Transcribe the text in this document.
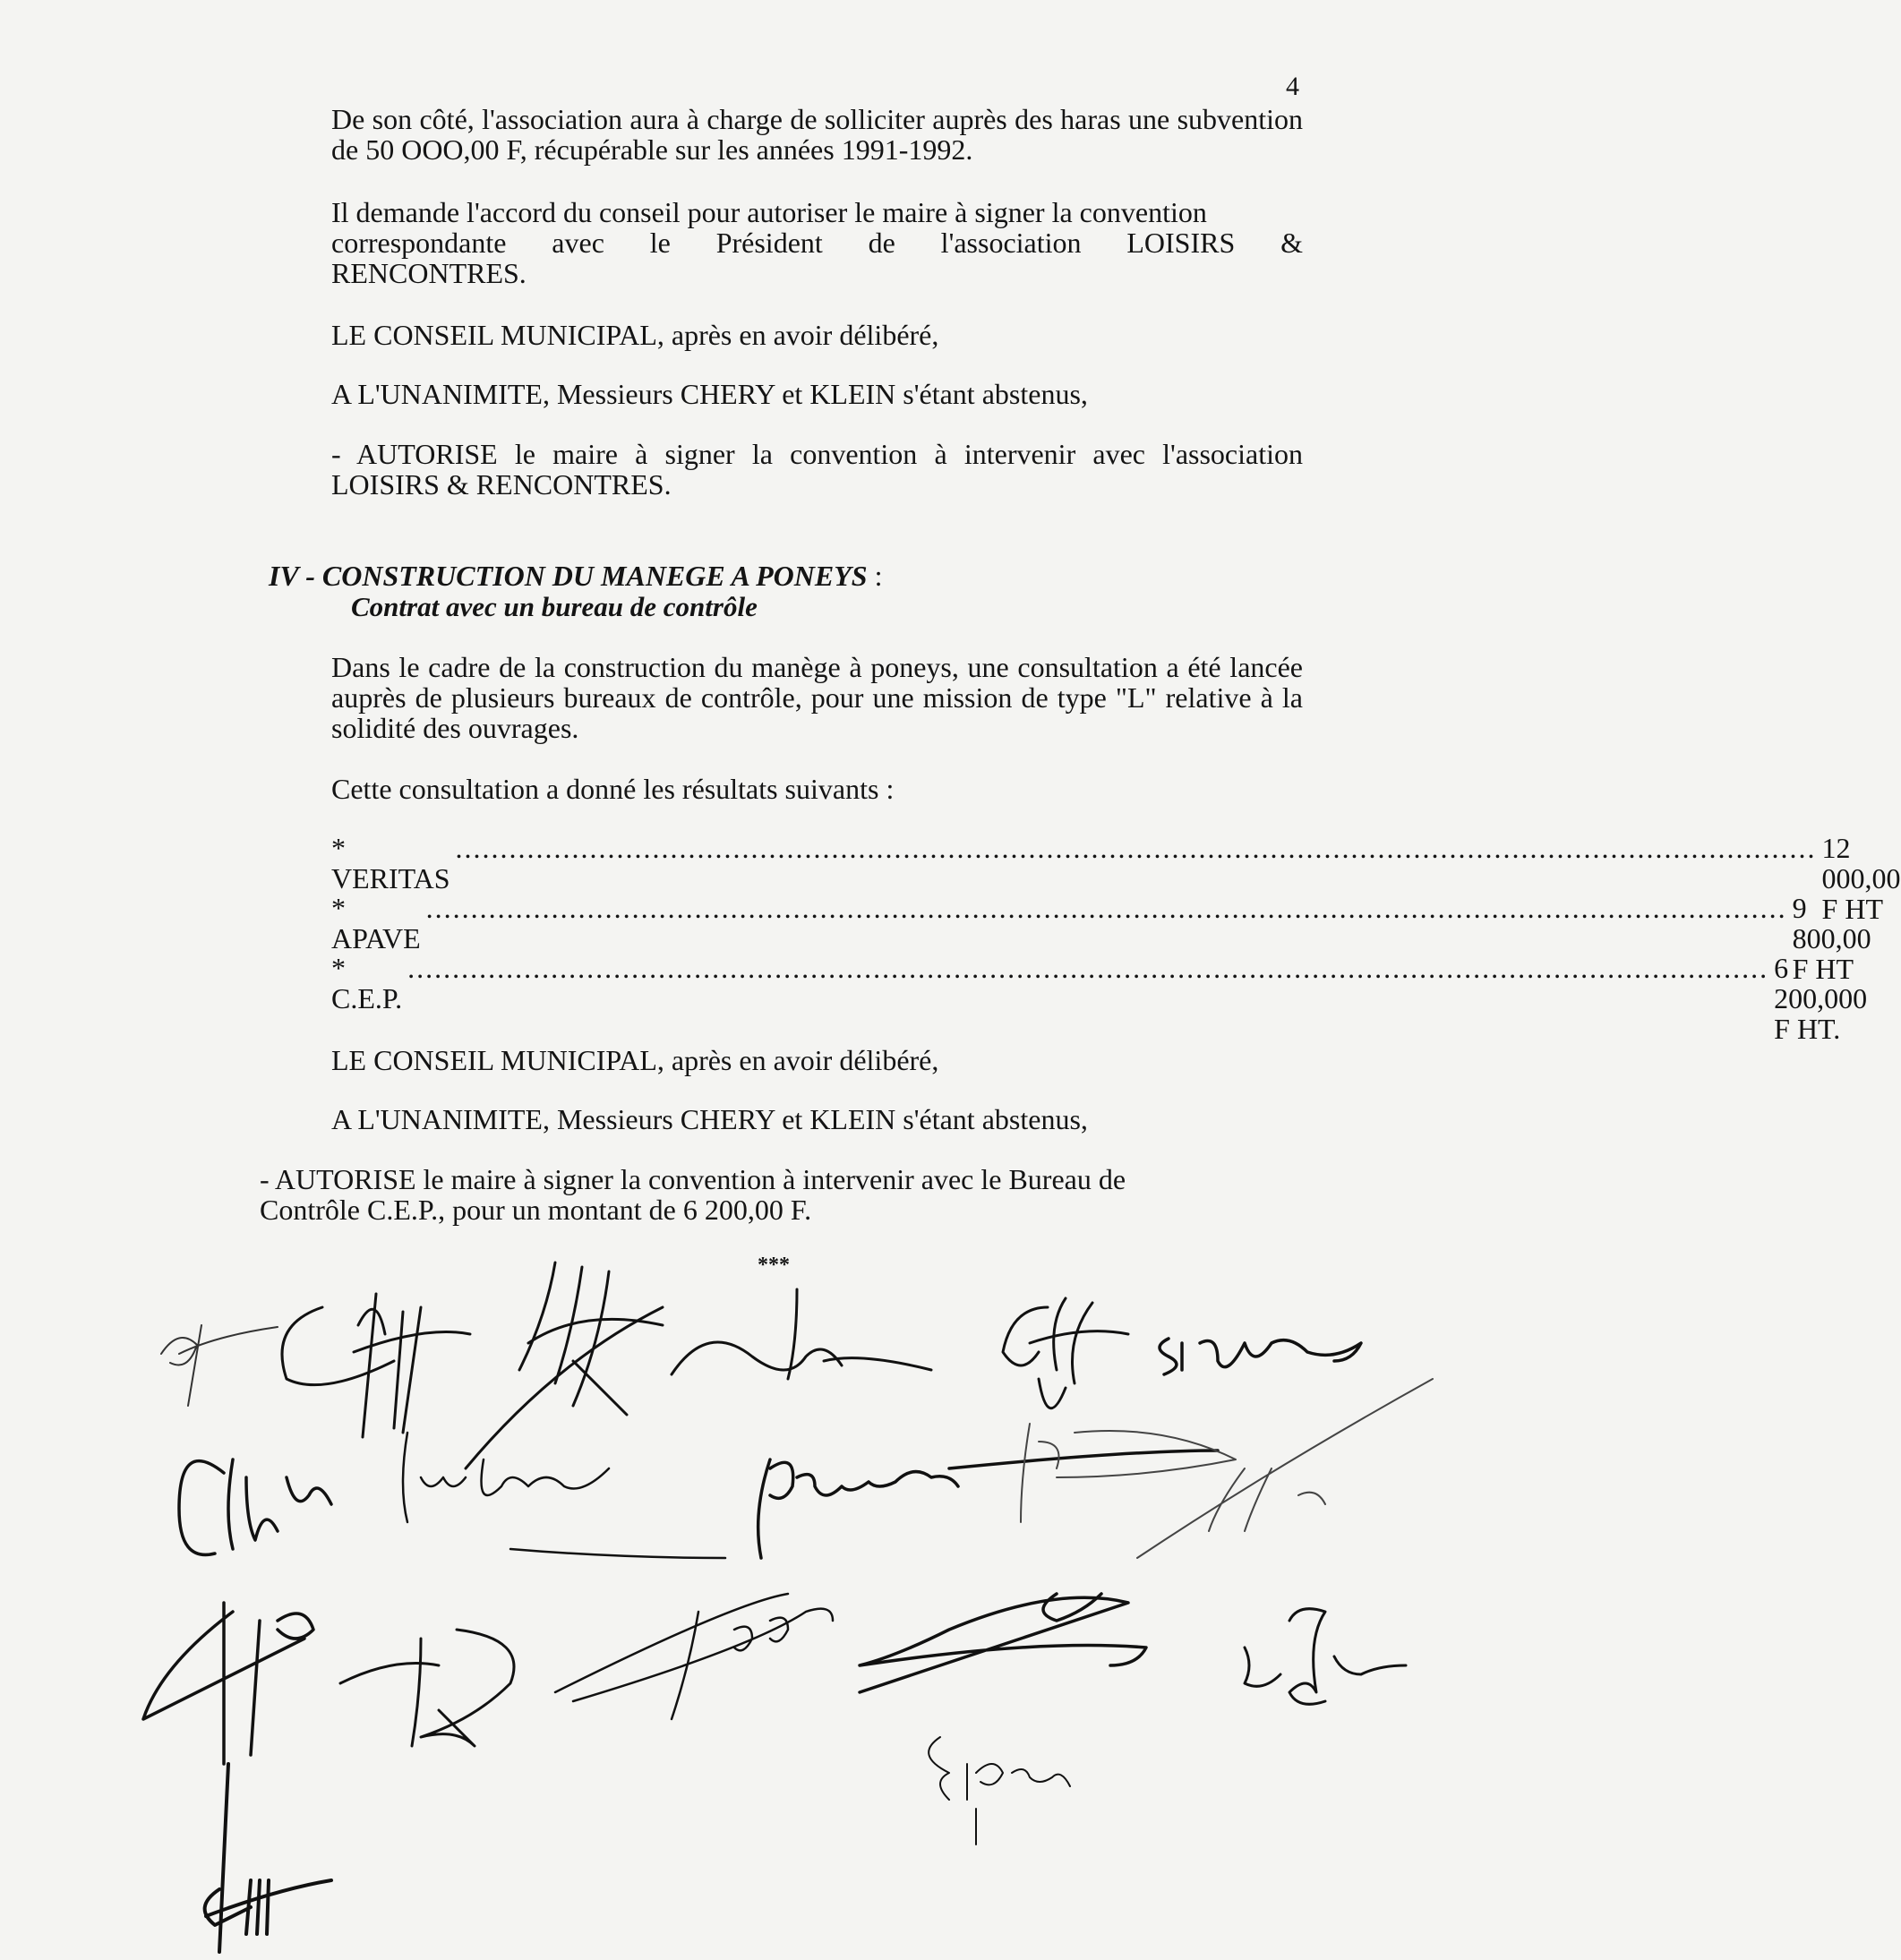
4
De son côté, l'association aura à charge de solliciter auprès des haras une subvention de 50 OOO,00 F, récupérable sur les années 1991-1992.
Il demande l'accord du conseil pour autoriser le maire à signer la convention
correspondante avec le Président de l'association LOISIRS &
RENCONTRES.
LE CONSEIL MUNICIPAL, après en avoir délibéré,
A L'UNANIMITE, Messieurs CHERY et KLEIN s'étant abstenus,
- AUTORISE le maire à signer la convention à intervenir avec l'association LOISIRS & RENCONTRES.
IV - CONSTRUCTION DU MANEGE A PONEYS :
Contrat avec un bureau de contrôle
Dans le cadre de la construction du manège à poneys, une consultation a été lancée auprès de plusieurs bureaux de contrôle, pour une mission de type "L" relative à la solidité des ouvrages.
Cette consultation a donné les résultats suivants :
* VERITAS
........................................................................................................................................................ 12 000,00 F HT
* APAVE
........................................................................................................................................................ 9 800,00 F HT
* C.E.P.
........................................................................................................................................................ 6 200,000 F HT.
LE CONSEIL MUNICIPAL, après en avoir délibéré,
A L'UNANIMITE, Messieurs CHERY et KLEIN s'étant abstenus,
- AUTORISE le maire à signer la convention à intervenir avec le Bureau de Contrôle C.E.P., pour un montant de 6 200,00 F.
***
